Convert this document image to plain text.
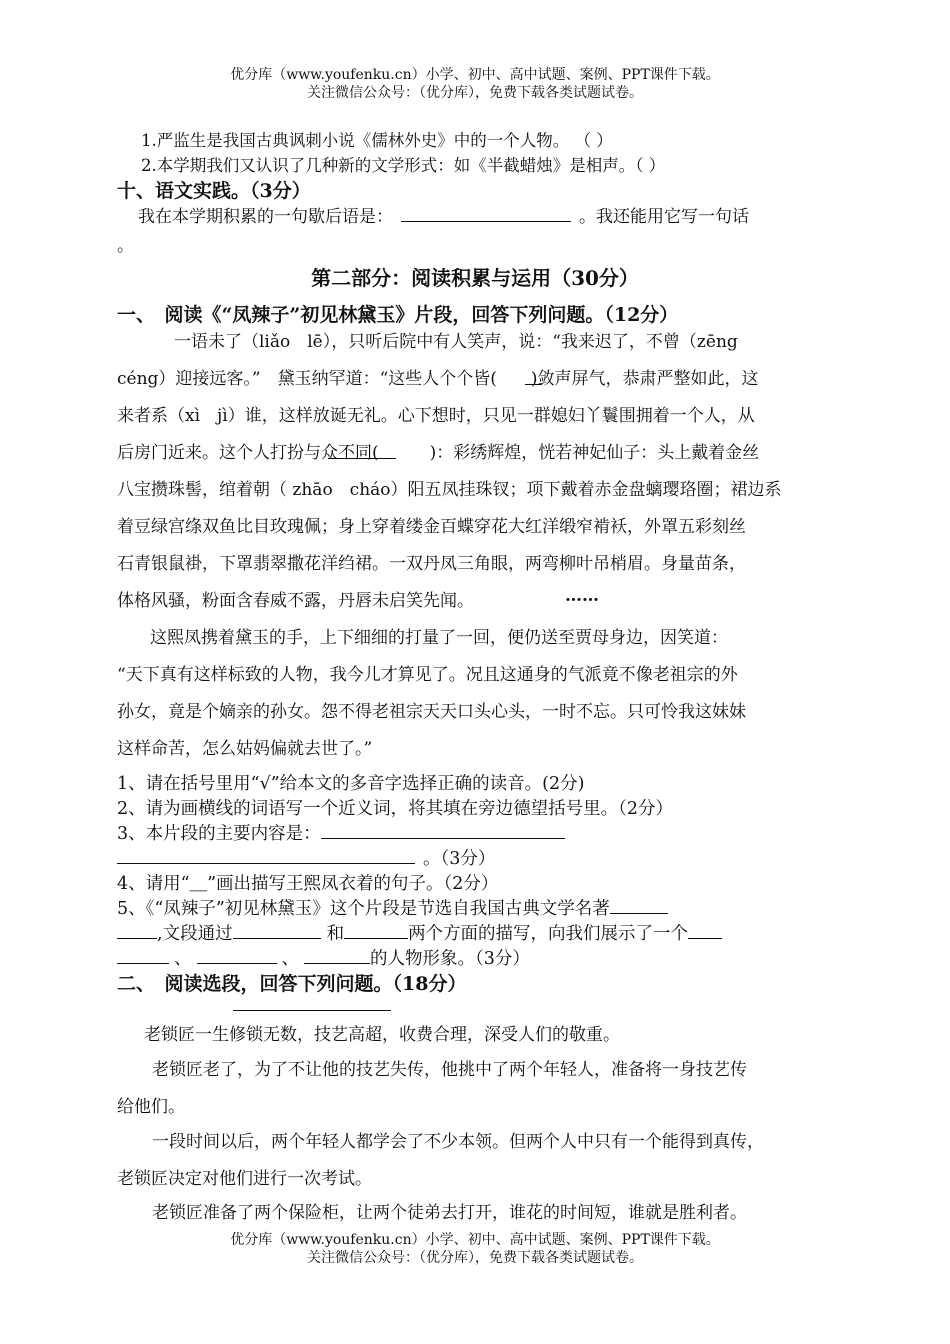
优分库（www.youfenku.cn）小学、初中、高中试题、案例、PPT课件下载。
关注微信公众号：（优分库），免费下载各类试题试卷。
1.严监生是我国古典讽刺小说《儒林外史》中的一个人物。 （ ）
2.本学期我们又认识了几种新的文学形式：如《半截蜡烛》是相声。（ ）
十、语文实践。（3分）
我在本学期积累的一句歇后语是：	。我还能用它写一句话
。
第二部分：阅读积累与运用（30分）
一、　阅读《“凤辣子”初见林黛玉》片段，回答下列问题。（12分）
一语未了（liǎo　lē），只听后院中有人笑声，说：“我来迟了，不曾（zēng
céng）迎接远客。”　黛玉纳罕道：“这些人个个皆(　　)敛声屏气，恭肃严整如此，这
来者系（xì　jì）谁，这样放诞无礼。心下想时，只见一群媳妇丫鬟围拥着一个人，从
后房门近来。这个人打扮与众不同(　　　)：彩绣辉煌，恍若神妃仙子：头上戴着金丝
八宝攒珠髻，绾着朝（ zhāo　cháo）阳五凤挂珠钗；项下戴着赤金盘螭璎珞圈；裙边系
着豆绿宫绦双鱼比目玫瑰佩；身上穿着缕金百蝶穿花大红洋缎窄褃袄，外罩五彩刻丝
石青银鼠褂，下罩翡翠撒花洋绉裙。一双丹凤三角眼，两弯柳叶吊梢眉。身量苗条，
体格风骚，粉面含春威不露，丹唇未启笑先闻。	……
这熙凤携着黛玉的手，上下细细的打量了一回，便仍送至贾母身边，因笑道：
“天下真有这样标致的人物，我今儿才算见了。况且这通身的气派竟不像老祖宗的外
孙女，竟是个嫡亲的孙女。怨不得老祖宗天天口头心头，一时不忘。只可怜我这妹妹
这样命苦，怎么姑妈偏就去世了。”
1、请在括号里用“√”给本文的多音字选择正确的读音。(2分)
2、请为画横线的词语写一个近义词，将其填在旁边德望括号里。（2分）
3、本片段的主要内容是：
。（3分）
4、请用“＿”画出描写王熙凤衣着的句子。（2分）
5、《“凤辣子”初见林黛玉》这个片段是节选自我国古典文学名著
,文段通过	和	两个方面的描写，向我们展示了一个
、	、	的人物形象。（3分）
二、　阅读选段，回答下列问题。（18分）
老锁匠一生修锁无数，技艺高超，收费合理，深受人们的敬重。
老锁匠老了，为了不让他的技艺失传，他挑中了两个年轻人，准备将一身技艺传
给他们。
一段时间以后，两个年轻人都学会了不少本领。但两个人中只有一个能得到真传，
老锁匠决定对他们进行一次考试。
老锁匠准备了两个保险柜，让两个徒弟去打开，谁花的时间短，谁就是胜利者。
优分库（www.youfenku.cn）小学、初中、高中试题、案例、PPT课件下载。
关注微信公众号：（优分库），免费下载各类试题试卷。
